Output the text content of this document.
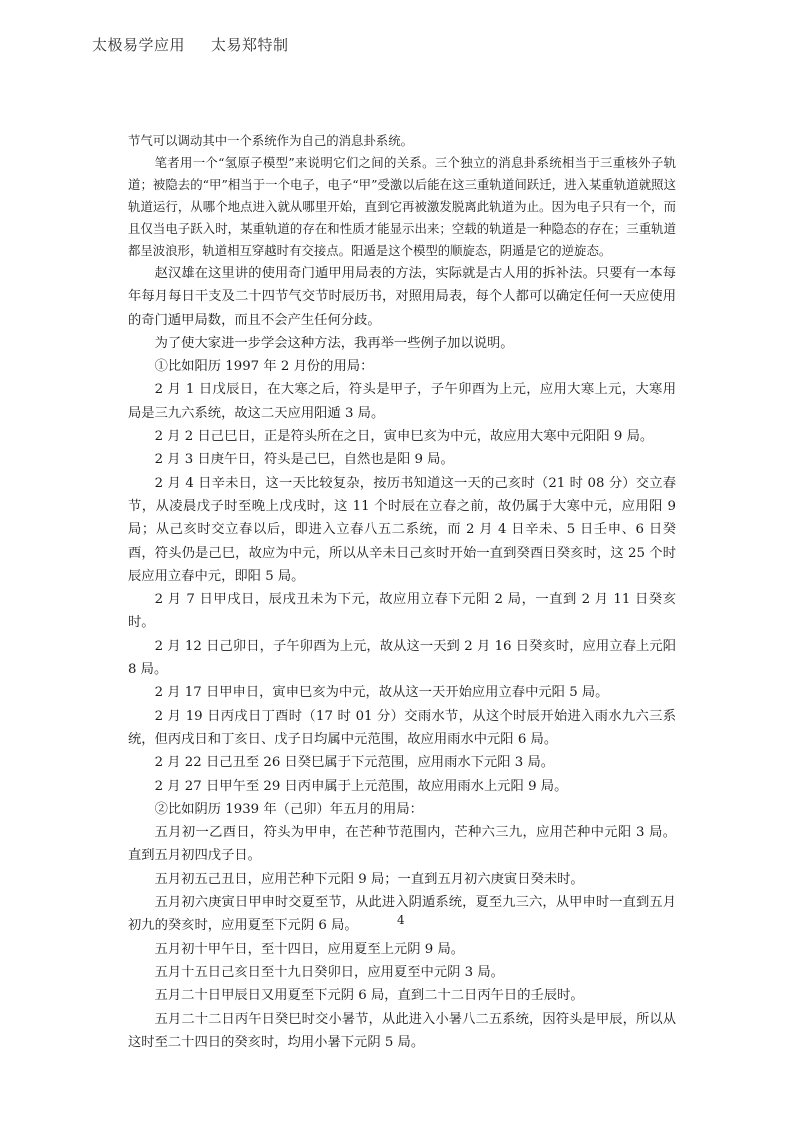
太极易学应用 太易郑特制

节气可以调动其中一个系统作为自己的消息卦系统。

笔者用一个“氢原子模型”来说明它们之间的关系。三个独立的消息卦系统相当于三重核外子轨道；被隐去的“甲”相当于一个电子，电子“甲”受激以后能在这三重轨道间跃迁，进入某重轨道就照这轨道运行，从哪个地点进入就从哪里开始，直到它再被激发脱离此轨道为止。因为电子只有一个，而且仅当电子跃入时，某重轨道的存在和性质才能显示出来；空载的轨道是一种隐态的存在；三重轨道都呈波浪形，轨道相互穿越时有交接点。阳遁是这个模型的顺旋态，阴遁是它的逆旋态。

赵汉雄在这里讲的使用奇门遁甲用局表的方法，实际就是古人用的拆补法。只要有一本每年每月每日干支及二十四节气交节时辰历书，对照用局表，每个人都可以确定任何一天应使用的奇门遁甲局数，而且不会产生任何分歧。

为了使大家进一步学会这种方法，我再举一些例子加以说明。

①比如阳历 1997 年 2 月份的用局：

2 月 1 日戊辰日，在大寒之后，符头是甲子，子午卯酉为上元，应用大寒上元，大寒用局是三九六系统，故这二天应用阳遁 3 局。

2 月 2 日己巳日，正是符头所在之日，寅申巳亥为中元，故应用大寒中元阳阳 9 局。

2 月 3 日庚午日，符头是己巳，自然也是阳 9 局。

2 月 4 日辛未日，这一天比较复杂，按历书知道这一天的己亥时（21 时 08 分）交立春节，从凌晨戊子时至晚上戊戌时，这 11 个时辰在立春之前，故仍属于大寒中元，应用阳 9 局；从己亥时交立春以后，即进入立春八五二系统，而 2 月 4 日辛未、5 日壬申、6 日癸酉，符头仍是己巳，故应为中元，所以从辛未日己亥时开始一直到癸酉日癸亥时，这 25 个时辰应用立春中元，即阳 5 局。

2 月 7 日甲戌日，辰戌丑未为下元，故应用立春下元阳 2 局，一直到 2 月 11 日癸亥时。

2 月 12 日己卯日，子午卯酉为上元，故从这一天到 2 月 16 日癸亥时，应用立春上元阳 8 局。

2 月 17 日甲申日，寅申巳亥为中元，故从这一天开始应用立春中元阳 5 局。

2 月 19 日丙戌日丁酉时（17 时 01 分）交雨水节，从这个时辰开始进入雨水九六三系统，但丙戌日和丁亥日、戊子日均属中元范围，故应用雨水中元阳 6 局。

2 月 22 日己丑至 26 日癸巳属于下元范围，应用雨水下元阳 3 局。

2 月 27 日甲午至 29 日丙申属于上元范围，故应用雨水上元阳 9 局。

②比如阴历 1939 年（己卯）年五月的用局：

五月初一乙酉日，符头为甲申，在芒种节范围内，芒种六三九，应用芒种中元阳 3 局。直到五月初四戊子日。

五月初五己丑日，应用芒种下元阳 9 局；一直到五月初六庚寅日癸未时。

五月初六庚寅日甲申时交夏至节，从此进入阴遁系统，夏至九三六，从甲申时一直到五月初九的癸亥时，应用夏至下元阴 6 局。

五月初十甲午日，至十四日，应用夏至上元阴 9 局。

五月十五日己亥日至十九日癸卯日，应用夏至中元阴 3 局。

五月二十日甲辰日又用夏至下元阴 6 局，直到二十二日丙午日的壬辰时。

五月二十二日丙午日癸巳时交小暑节，从此进入小暑八二五系统，因符头是甲辰，所以从这时至二十四日的癸亥时，均用小暑下元阴 5 局。

4
